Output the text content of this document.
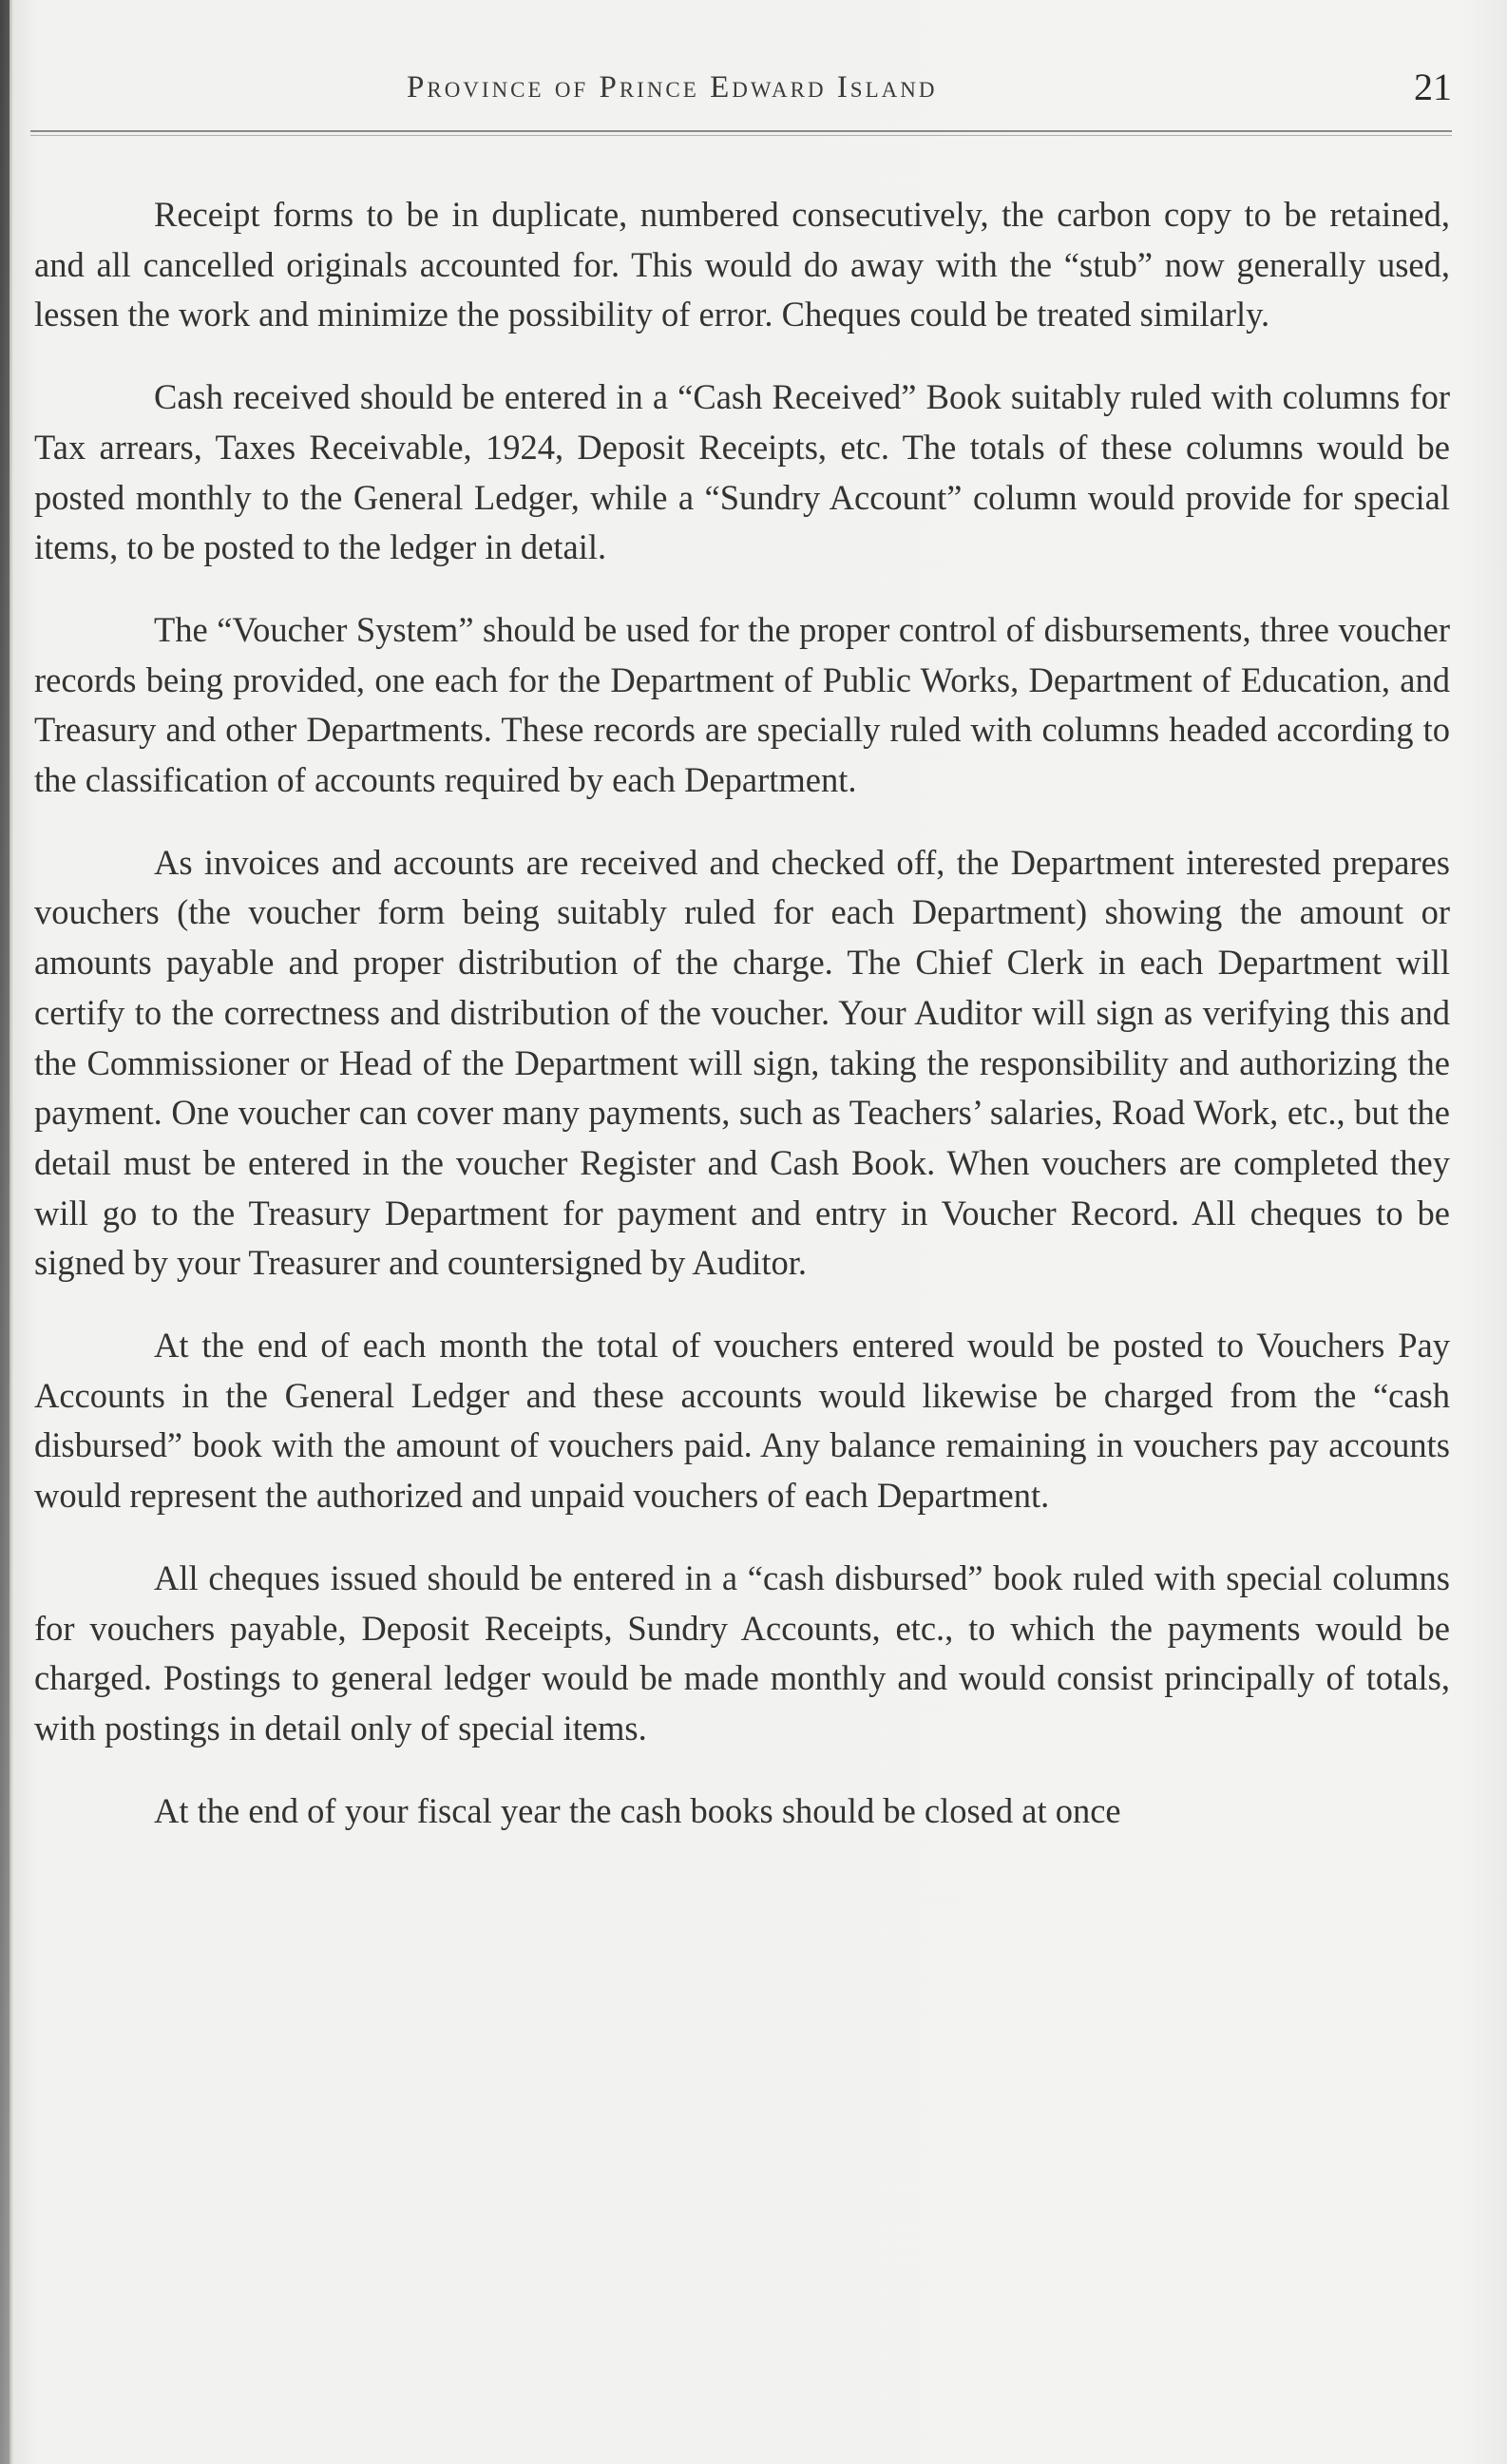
Province of Prince Edward Island	21

Receipt forms to be in duplicate, numbered consecutively, the carbon copy to be retained, and all cancelled originals accounted for. This would do away with the “stub” now generally used, lessen the work and minimize the possibility of error. Cheques could be treated similarly.

Cash received should be entered in a “Cash Received” Book suitably ruled with columns for Tax arrears, Taxes Receivable, 1924, Deposit Receipts, etc. The totals of these columns would be posted monthly to the General Ledger, while a “Sundry Account” column would provide for special items, to be posted to the ledger in detail.

The “Voucher System” should be used for the proper control of disbursements, three voucher records being provided, one each for the Department of Public Works, Department of Education, and Treasury and other Departments. These records are specially ruled with columns headed according to the classification of accounts required by each Department.

As invoices and accounts are received and checked off, the Department interested prepares vouchers (the voucher form being suitably ruled for each Department) showing the amount or amounts payable and proper distribution of the charge. The Chief Clerk in each Department will certify to the correctness and distribution of the voucher. Your Auditor will sign as verifying this and the Commissioner or Head of the Department will sign, taking the responsibility and authorizing the payment. One voucher can cover many payments, such as Teachers’ salaries, Road Work, etc., but the detail must be entered in the voucher Register and Cash Book. When vouchers are completed they will go to the Treasury Department for payment and entry in Voucher Record. All cheques to be signed by your Treasurer and countersigned by Auditor.

At the end of each month the total of vouchers entered would be posted to Vouchers Pay Accounts in the General Ledger and these accounts would likewise be charged from the “cash disbursed” book with the amount of vouchers paid. Any balance remaining in vouchers pay accounts would represent the authorized and unpaid vouchers of each Department.

All cheques issued should be entered in a “cash disbursed” book ruled with special columns for vouchers payable, Deposit Receipts, Sundry Accounts, etc., to which the payments would be charged. Postings to general ledger would be made monthly and would consist principally of totals, with postings in detail only of special items.

At the end of your fiscal year the cash books should be closed at once
